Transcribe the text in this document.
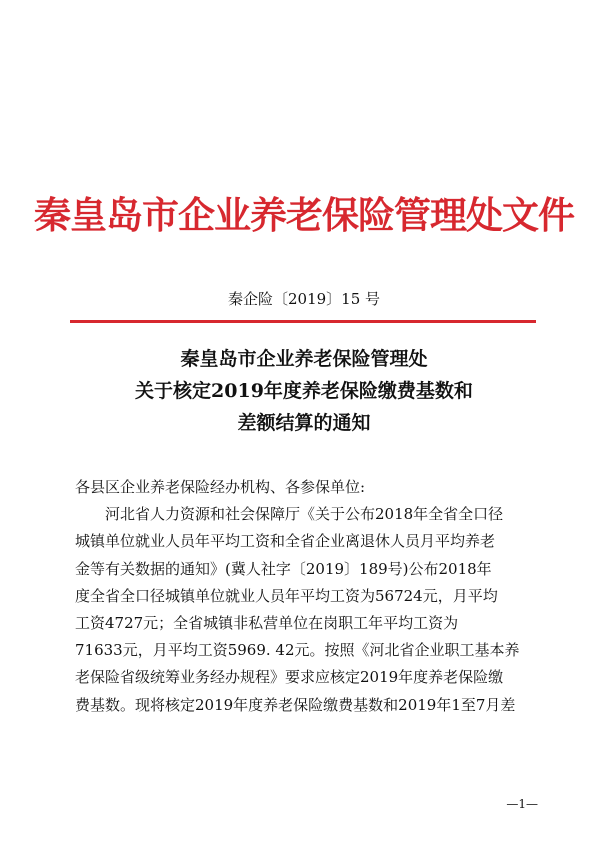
秦皇岛市企业养老保险管理处文件
秦企险〔2019〕15 号
秦皇岛市企业养老保险管理处
关于核定2019年度养老保险缴费基数和
差额结算的通知
各县区企业养老保险经办机构、各参保单位:
河北省人力资源和社会保障厅《关于公布2018年全省全口径
城镇单位就业人员年平均工资和全省企业离退休人员月平均养老
金等有关数据的通知》(冀人社字〔2019〕189号)公布2018年
度全省全口径城镇单位就业人员年平均工资为56724元，月平均
工资4727元；全省城镇非私营单位在岗职工年平均工资为
71633元，月平均工资5969. 42元。按照《河北省企业职工基本养
老保险省级统筹业务经办规程》要求应核定2019年度养老保险缴
费基数。现将核定2019年度养老保险缴费基数和2019年1至7月差
—1—
